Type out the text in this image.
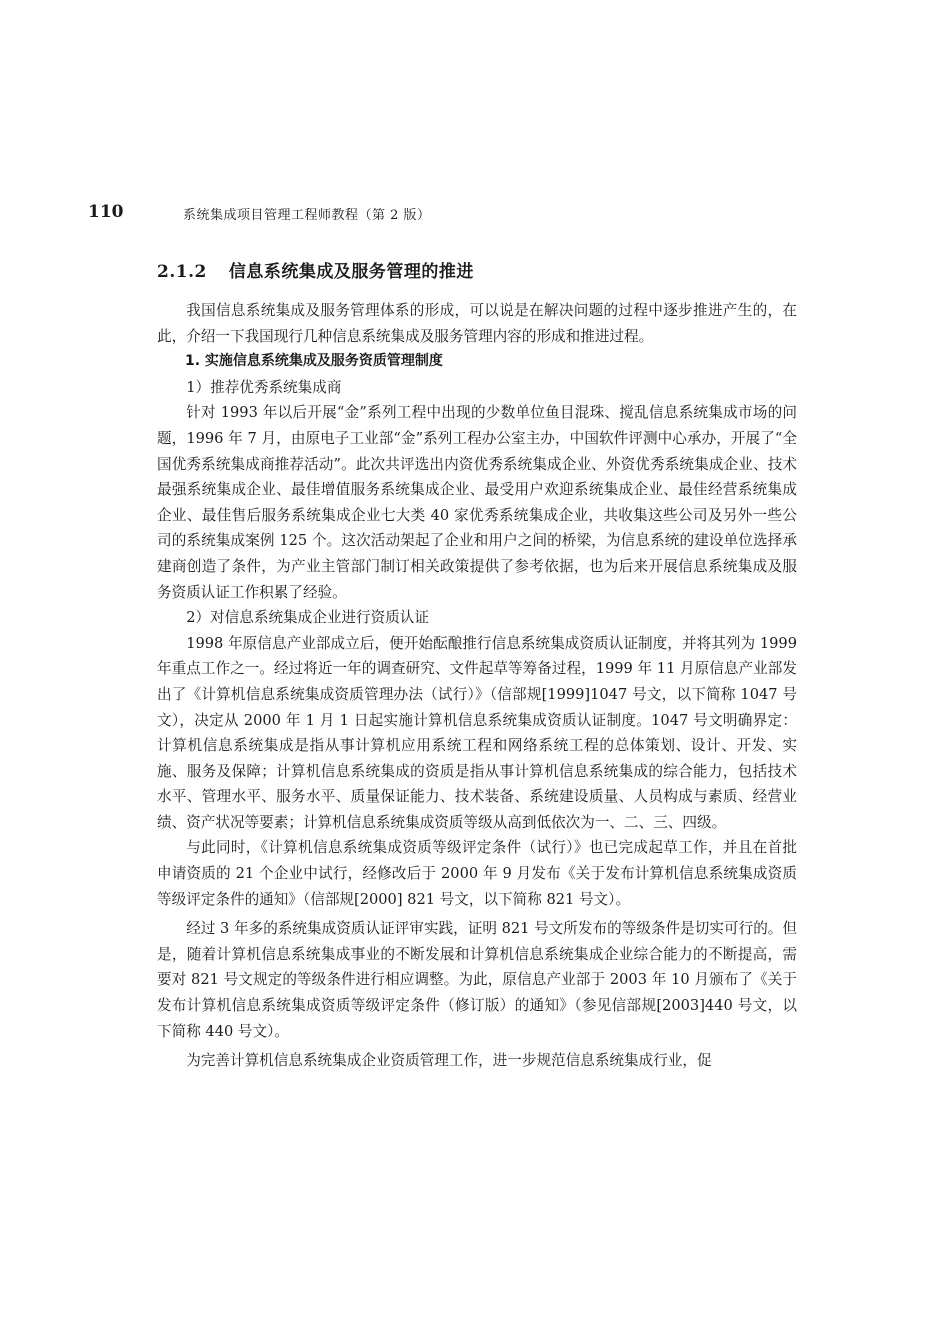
110	系统集成项目管理工程师教程（第 2 版）
2.1.2 信息系统集成及服务管理的推进

我国信息系统集成及服务管理体系的形成，可以说是在解决问题的过程中逐步推进产生的，在此，介绍一下我国现行几种信息系统集成及服务管理内容的形成和推进过程。

1. 实施信息系统集成及服务资质管理制度

1）推荐优秀系统集成商

针对 1993 年以后开展“金”系列工程中出现的少数单位鱼目混珠、搅乱信息系统集成市场的问题，1996 年 7 月，由原电子工业部“金”系列工程办公室主办，中国软件评测中心承办，开展了“全国优秀系统集成商推荐活动”。此次共评选出内资优秀系统集成企业、外资优秀系统集成企业、技术最强系统集成企业、最佳增值服务系统集成企业、最受用户欢迎系统集成企业、最佳经营系统集成企业、最佳售后服务系统集成企业七大类 40 家优秀系统集成企业，共收集这些公司及另外一些公司的系统集成案例 125 个。这次活动架起了企业和用户之间的桥梁，为信息系统的建设单位选择承建商创造了条件，为产业主管部门制订相关政策提供了参考依据，也为后来开展信息系统集成及服务资质认证工作积累了经验。

2）对信息系统集成企业进行资质认证

1998 年原信息产业部成立后，便开始酝酿推行信息系统集成资质认证制度，并将其列为 1999 年重点工作之一。经过将近一年的调查研究、文件起草等筹备过程，1999 年 11 月原信息产业部发出了《计算机信息系统集成资质管理办法（试行）》（信部规[1999]1047 号文，以下简称 1047 号文），决定从 2000 年 1 月 1 日起实施计算机信息系统集成资质认证制度。1047 号文明确界定：计算机信息系统集成是指从事计算机应用系统工程和网络系统工程的总体策划、设计、开发、实施、服务及保障；计算机信息系统集成的资质是指从事计算机信息系统集成的综合能力，包括技术水平、管理水平、服务水平、质量保证能力、技术装备、系统建设质量、人员构成与素质、经营业绩、资产状况等要素；计算机信息系统集成资质等级从高到低依次为一、二、三、四级。

与此同时，《计算机信息系统集成资质等级评定条件（试行）》也已完成起草工作，并且在首批申请资质的 21 个企业中试行，经修改后于 2000 年 9 月发布《关于发布计算机信息系统集成资质等级评定条件的通知》（信部规[2000] 821 号文，以下简称 821 号文）。

经过 3 年多的系统集成资质认证评审实践，证明 821 号文所发布的等级条件是切实可行的。但是，随着计算机信息系统集成事业的不断发展和计算机信息系统集成企业综合能力的不断提高，需要对 821 号文规定的等级条件进行相应调整。为此，原信息产业部于 2003 年 10 月颁布了《关于发布计算机信息系统集成资质等级评定条件（修订版）的通知》（参见信部规[2003]440 号文，以下简称 440 号文）。

为完善计算机信息系统集成企业资质管理工作，进一步规范信息系统集成行业，促
